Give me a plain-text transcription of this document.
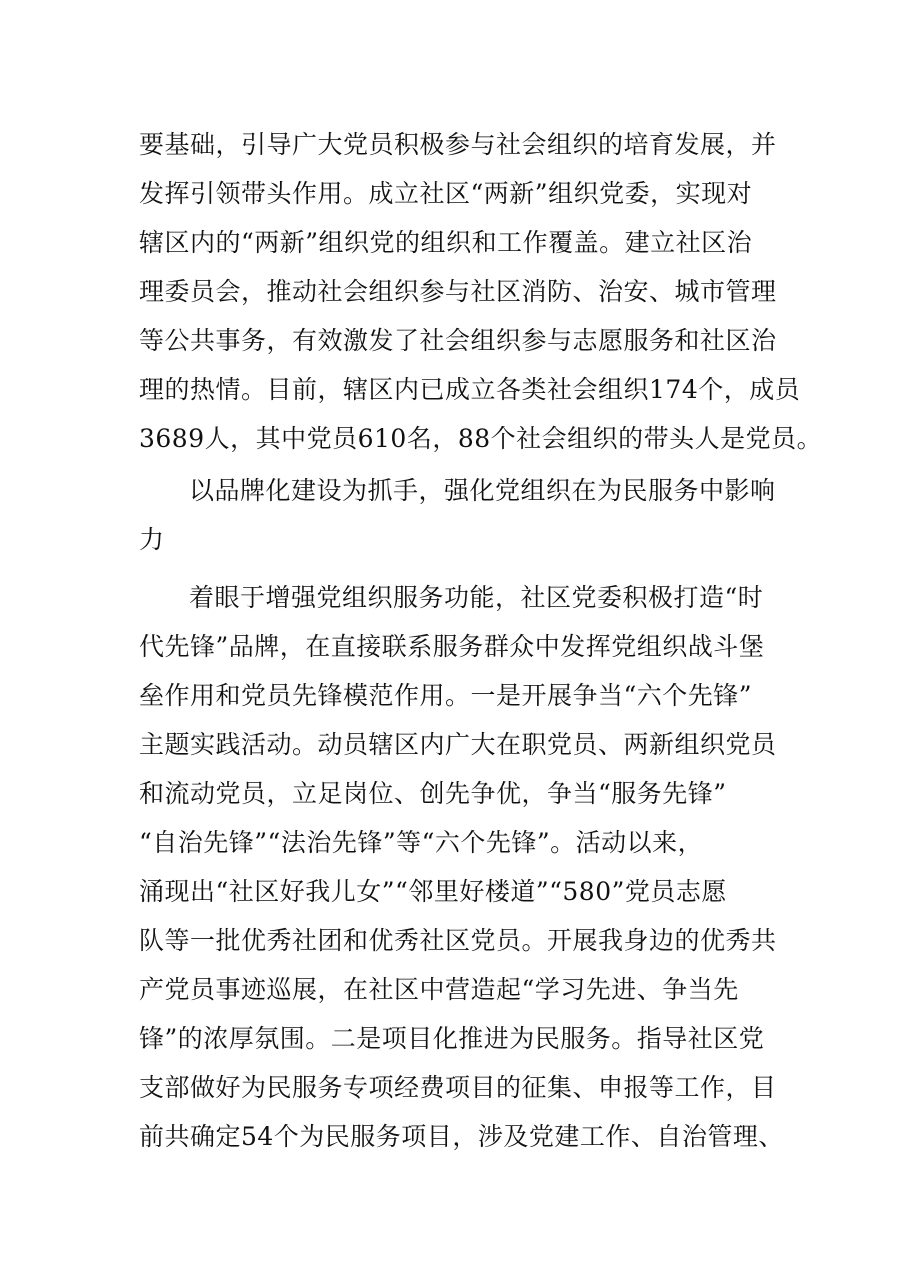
要基础，引导广大党员积极参与社会组织的培育发展，并
发挥引领带头作用。成立社区“两新”组织党委，实现对
辖区内的“两新”组织党的组织和工作覆盖。建立社区治
理委员会，推动社会组织参与社区消防、治安、城市管理
等公共事务，有效激发了社会组织参与志愿服务和社区治
理的热情。目前，辖区内已成立各类社会组织174个，成员
3689人，其中党员610名，88个社会组织的带头人是党员。
以品牌化建设为抓手，强化党组织在为民服务中影响
力
着眼于增强党组织服务功能，社区党委积极打造“时
代先锋”品牌，在直接联系服务群众中发挥党组织战斗堡
垒作用和党员先锋模范作用。一是开展争当“六个先锋”
主题实践活动。动员辖区内广大在职党员、两新组织党员
和流动党员，立足岗位、创先争优，争当“服务先锋”
“自治先锋”“法治先锋”等“六个先锋”。活动以来，
涌现出“社区好我儿女”“邻里好楼道”“580”党员志愿
队等一批优秀社团和优秀社区党员。开展我身边的优秀共
产党员事迹巡展，在社区中营造起“学习先进、争当先
锋”的浓厚氛围。二是项目化推进为民服务。指导社区党
支部做好为民服务专项经费项目的征集、申报等工作，目
前共确定54个为民服务项目，涉及党建工作、自治管理、
